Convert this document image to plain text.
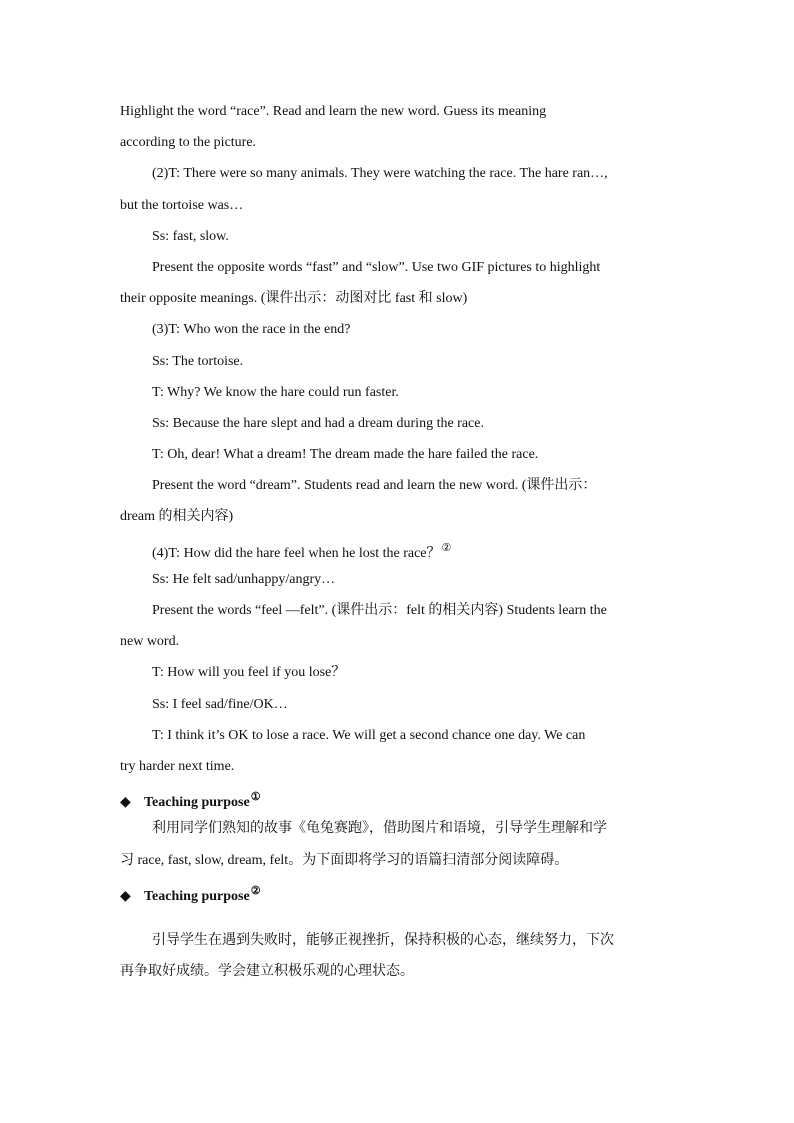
Highlight the word “race”. Read and learn the new word. Guess its meaning
according to the picture.
(2)T: There were so many animals. They were watching the race. The hare ran…,
but the tortoise was…
Ss: fast, slow.
Present the opposite words “fast” and “slow”. Use two GIF pictures to highlight
their opposite meanings. (课件出示：动图对比 fast 和 slow)
(3)T: Who won the race in the end?
Ss: The tortoise.
T: Why? We know the hare could run faster.
Ss: Because the hare slept and had a dream during the race.
T: Oh, dear! What a dream! The dream made the hare failed the race.
Present the word “dream”. Students read and learn the new word. (课件出示：
dream 的相关内容)
(4)T: How did the hare feel when he lost the race？②
Ss: He felt sad/unhappy/angry…
Present the words “feel —felt”. (课件出示：felt 的相关内容) Students learn the
new word.
T: How will you feel if you lose？
Ss: I feel sad/fine/OK…
T: I think it’s OK to lose a race. We will get a second chance one day. We can
try harder next time.
◆ Teaching purpose①
利用同学们熟知的故事《龟兔赛跑》，借助图片和语境，引导学生理解和学
习 race, fast, slow, dream, felt。为下面即将学习的语篇扫清部分阅读障碍。
◆ Teaching purpose②
引导学生在遇到失败时，能够正视挫折，保持积极的心态，继续努力，下次
再争取好成绩。学会建立积极乐观的心理状态。
